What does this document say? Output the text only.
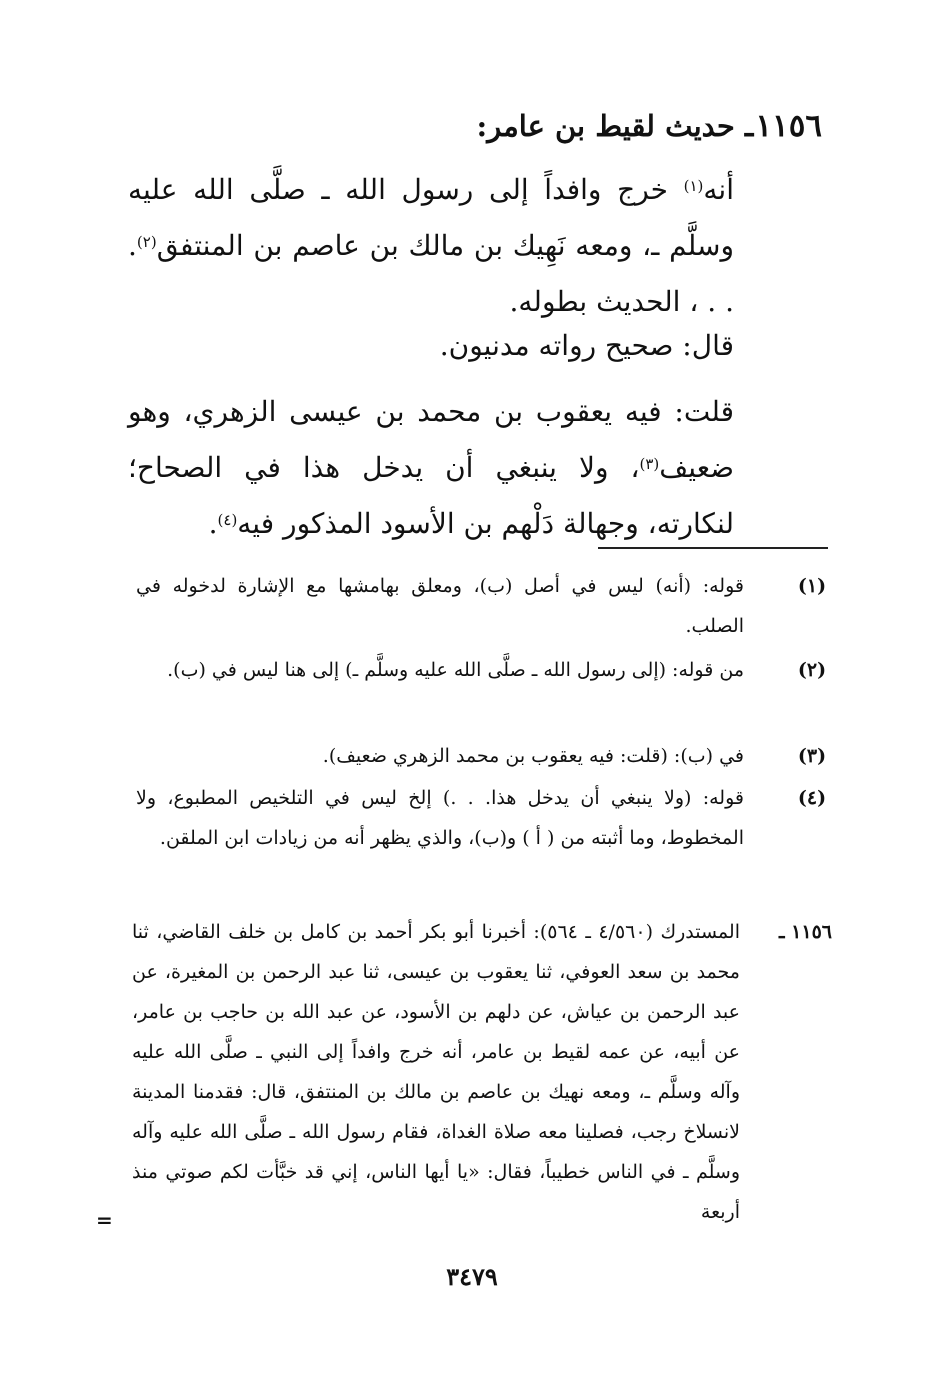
١١٥٦ـ حديث لقيط بن عامر:
أنه$^{(١)}$ خرج وافداً إلى رسول الله ـ صلَّى الله عليه وسلَّم ـ، ومعه نَهِيك بن مالك بن عاصم بن المنتفق$^{(٢)}$. . . ، الحديث بطوله.
قال: صحيح رواته مدنيون.
قلت: فيه يعقوب بن محمد بن عيسى الزهري، وهو ضعيف$^{(٣)}$، ولا ينبغي أن يدخل هذا في الصحاح؛ لنكارته، وجهالة دَلْهم بن الأسود المذكور فيه$^{(٤)}$.
(١)
قوله: (أنه) ليس في أصل (ب)، ومعلق بهامشها مع الإشارة لدخوله في الصلب.
(٢)
من قوله: (إلى رسول الله ـ صلَّى الله عليه وسلَّم ـ) إلى هنا ليس في (ب).
(٣)
في (ب): (قلت: فيه يعقوب بن محمد الزهري ضعيف).
(٤)
قوله: (ولا ينبغي أن يدخل هذا. . .) إلخ ليس في التلخيص المطبوع، ولا المخطوط، وما أثبته من ( أ ) و(ب)، والذي يظهر أنه من زيادات ابن الملقن.
١١٥٦ ـ
المستدرك (٤/٥٦٠ ـ ٥٦٤): أخبرنا أبو بكر أحمد بن كامل بن خلف القاضي، ثنا محمد بن سعد العوفي، ثنا يعقوب بن عيسى، ثنا عبد الرحمن بن المغيرة، عن عبد الرحمن بن عياش، عن دلهم بن الأسود، عن عبد الله بن حاجب بن عامر، عن أبيه، عن عمه لقيط بن عامر، أنه خرج وافداً إلى النبي ـ صلَّى الله عليه وآله وسلَّم ـ، ومعه نهيك بن عاصم بن مالك بن المنتفق، قال: فقدمنا المدينة لانسلاخ رجب، فصلينا معه صلاة الغداة، فقام رسول الله ـ صلَّى الله عليه وآله وسلَّم ـ في الناس خطيباً، فقال: «يا أيها الناس، إني قد خبَّأت لكم صوتي منذ أربعة
=
٣٤٧٩
